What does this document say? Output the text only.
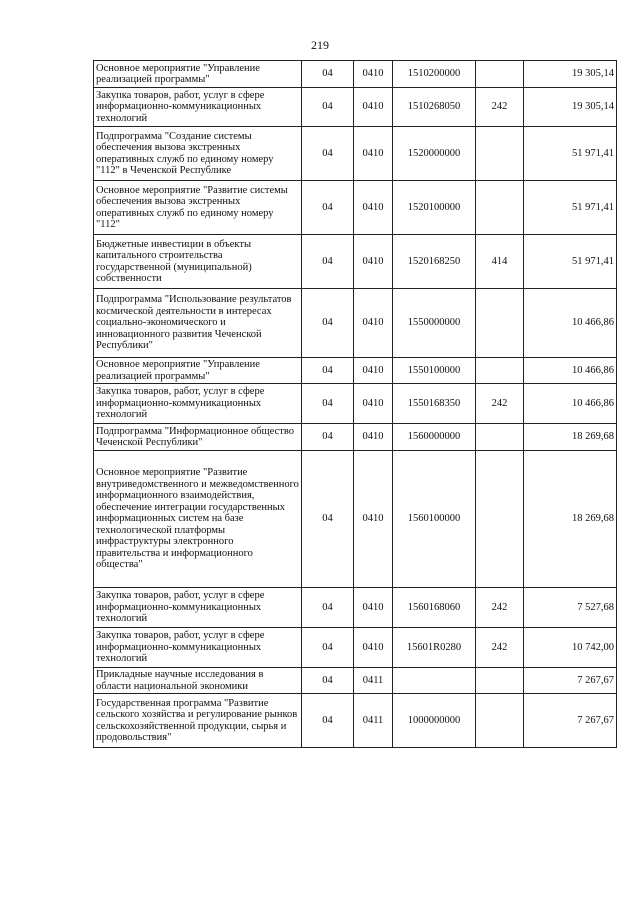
219
Основное мероприятие "Управление реализацией программы"	04	0410	1510200000		19 305,14
Закупка товаров, работ, услуг в сфере информационно-коммуникационных технологий	04	0410	1510268050	242	19 305,14
Подпрограмма "Создание системы обеспечения вызова экстренных оперативных служб по единому номеру "112" в Чеченской Республике	04	0410	1520000000		51 971,41
Основное мероприятие "Развитие системы обеспечения вызова экстренных оперативных служб по единому номеру "112"	04	0410	1520100000		51 971,41
Бюджетные инвестиции в объекты капитального строительства государственной (муниципальной) собственности	04	0410	1520168250	414	51 971,41
Подпрограмма "Использование результатов космической деятельности в интересах социально-экономического и инновационного развития Чеченской Республики"	04	0410	1550000000		10 466,86
Основное мероприятие "Управление реализацией программы"	04	0410	1550100000		10 466,86
Закупка товаров, работ, услуг в сфере информационно-коммуникационных технологий	04	0410	1550168350	242	10 466,86
Подпрограмма "Информационное общество Чеченской Республики"	04	0410	1560000000		18 269,68
Основное мероприятие "Развитие внутриведомственного и межведомственного информационного взаимодействия, обеспечение интеграции государственных информационных систем на базе технологической платформы инфраструктуры электронного правительства и информационного общества"	04	0410	1560100000		18 269,68
Закупка товаров, работ, услуг в сфере информационно-коммуникационных технологий	04	0410	1560168060	242	7 527,68
Закупка товаров, работ, услуг в сфере информационно-коммуникационных технологий	04	0410	15601R0280	242	10 742,00
Прикладные научные исследования в области национальной экономики	04	0411			7 267,67
Государственная программа "Развитие сельского хозяйства и регулирование рынков сельскохозяйственной продукции, сырья и продовольствия"	04	0411	1000000000		7 267,67
